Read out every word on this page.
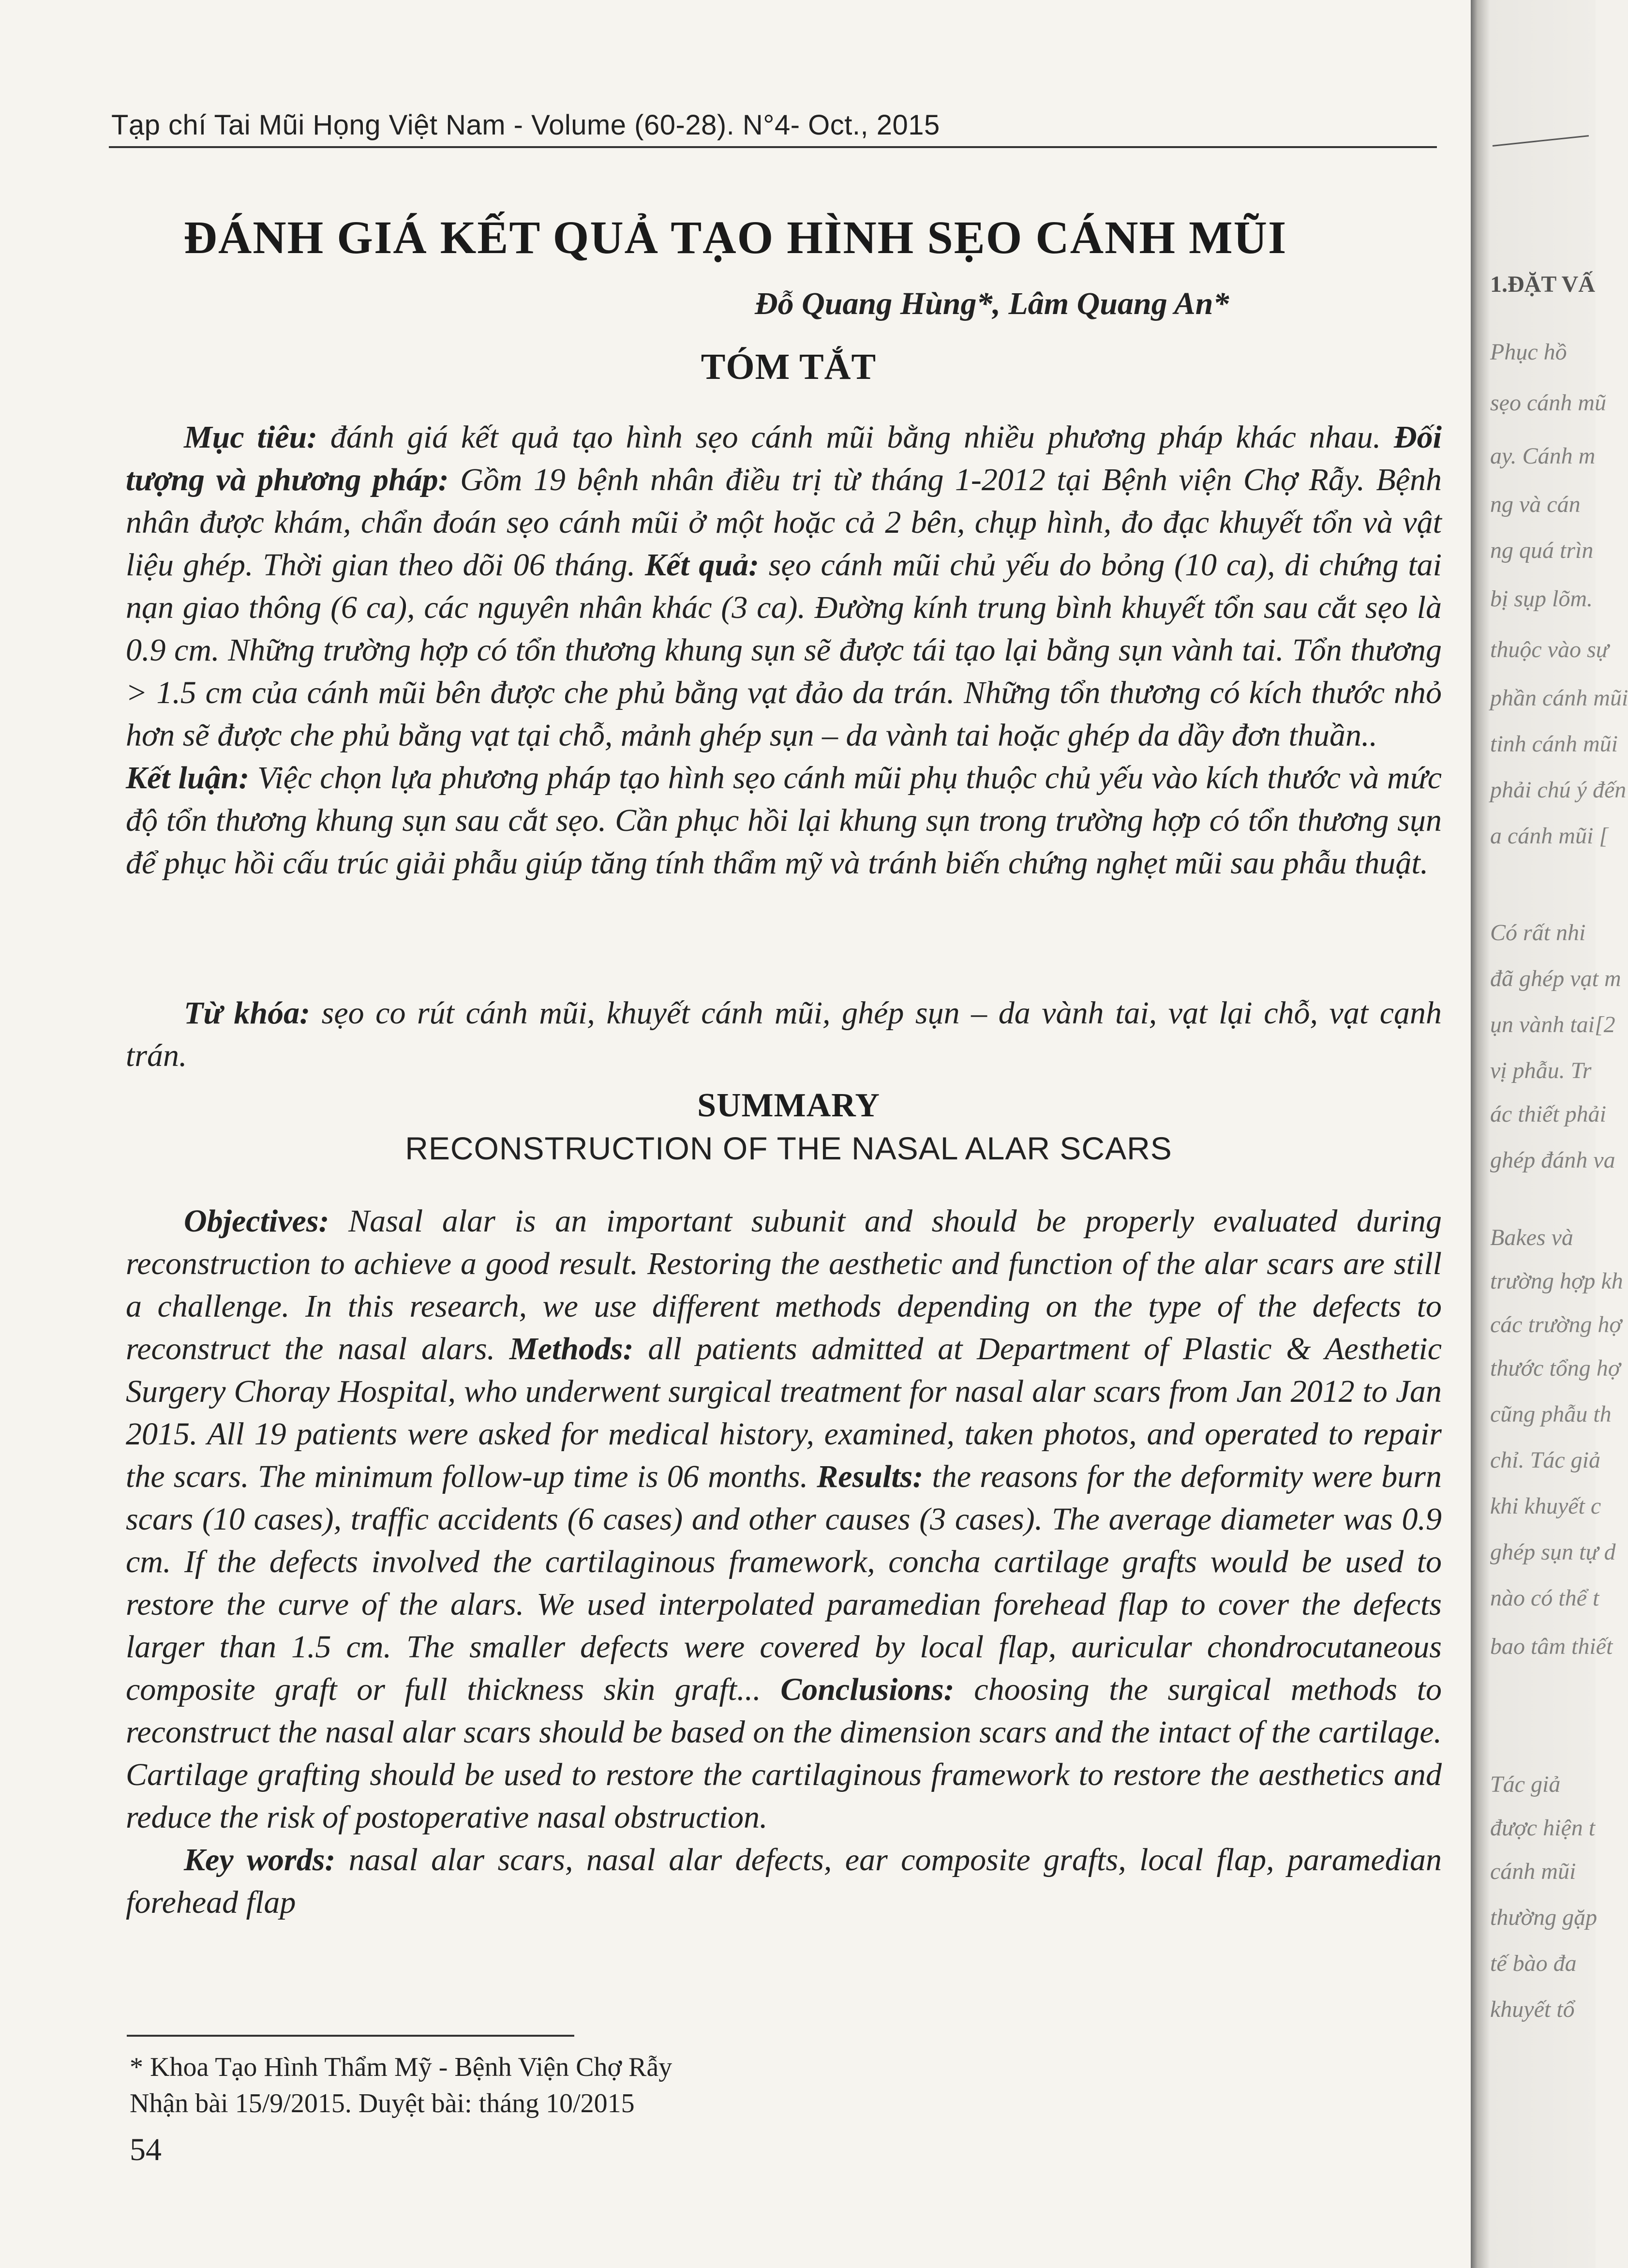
Tạp chí Tai Mũi Họng Việt Nam - Volume (60-28). N°4- Oct., 2015
ĐÁNH GIÁ KẾT QUẢ TẠO HÌNH SẸO CÁNH MŨI
Đỗ Quang Hùng*, Lâm Quang An*
TÓM TẮT

Mục tiêu: đánh giá kết quả tạo hình sẹo cánh mũi bằng nhiều phương pháp khác nhau. Đối tượng và phương pháp: Gồm 19 bệnh nhân điều trị từ tháng 1-2012 tại Bệnh viện Chợ Rẫy. Bệnh nhân được khám, chẩn đoán sẹo cánh mũi ở một hoặc cả 2 bên, chụp hình, đo đạc khuyết tổn và vật liệu ghép. Thời gian theo dõi 06 tháng. Kết quả: sẹo cánh mũi chủ yếu do bỏng (10 ca), di chứng tai nạn giao thông (6 ca), các nguyên nhân khác (3 ca). Đường kính trung bình khuyết tổn sau cắt sẹo là 0.9 cm. Những trường hợp có tổn thương khung sụn sẽ được tái tạo lại bằng sụn vành tai. Tổn thương > 1.5 cm của cánh mũi bên được che phủ bằng vạt đảo da trán. Những tổn thương có kích thước nhỏ hơn sẽ được che phủ bằng vạt tại chỗ, mảnh ghép sụn – da vành tai hoặc ghép da dầy đơn thuần..
Kết luận: Việc chọn lựa phương pháp tạo hình sẹo cánh mũi phụ thuộc chủ yếu vào kích thước và mức độ tổn thương khung sụn sau cắt sẹo. Cần phục hồi lại khung sụn trong trường hợp có tổn thương sụn để phục hồi cấu trúc giải phẫu giúp tăng tính thẩm mỹ và tránh biến chứng nghẹt mũi sau phẫu thuật.

Từ khóa: sẹo co rút cánh mũi, khuyết cánh mũi, ghép sụn – da vành tai, vạt lại chỗ, vạt cạnh trán.

SUMMARY
RECONSTRUCTION OF THE NASAL ALAR SCARS

Objectives: Nasal alar is an important subunit and should be properly evaluated during reconstruction to achieve a good result. Restoring the aesthetic and function of the alar scars are still a challenge. In this research, we use different methods depending on the type of the defects to reconstruct the nasal alars. Methods: all patients admitted at Department of Plastic & Aesthetic Surgery Choray Hospital, who underwent surgical treatment for nasal alar scars from Jan 2012 to Jan 2015. All 19 patients were asked for medical history, examined, taken photos, and operated to repair the scars. The minimum follow-up time is 06 months. Results: the reasons for the deformity were burn scars (10 cases), traffic accidents (6 cases) and other causes (3 cases). The average diameter was 0.9 cm. If the defects involved the cartilaginous framework, concha cartilage grafts would be used to restore the curve of the alars. We used interpolated paramedian forehead flap to cover the defects larger than 1.5 cm. The smaller defects were covered by local flap, auricular chondrocutaneous composite graft or full thickness skin graft... Conclusions: choosing the surgical methods to reconstruct the nasal alar scars should be based on the dimension scars and the intact of the cartilage. Cartilage grafting should be used to restore the cartilaginous framework to restore the aesthetics and reduce the risk of postoperative nasal obstruction.

Key words: nasal alar scars, nasal alar defects, ear composite grafts, local flap, paramedian forehead flap

* Khoa Tạo Hình Thẩm Mỹ - Bệnh Viện Chợ Rẫy
Nhận bài 15/9/2015. Duyệt bài: tháng 10/2015
54
1.ĐẶT VẤ
Phục hồ
sẹo cánh mũ
ay. Cánh m
ng và cán
ng quá trìn
bị sụp lõm.
thuộc vào sự
phần cánh mũi
tinh cánh mũi
phải chú ý đến
a cánh mũi [
Có rất nhi
đã ghép vạt m
ụn vành tai[2
vị phẫu. Tr
ác thiết phải
ghép đánh va
Bakes và
trường hợp kh
các trường hợ
thước tổng hợ
cũng phẫu th
chỉ. Tác giả
khi khuyết c
ghép sụn tự d
nào có thể t
bao tâm thiết
Tác giả
được hiện t
cánh mũi
thường gặp
tế bào đa
khuyết tổ
